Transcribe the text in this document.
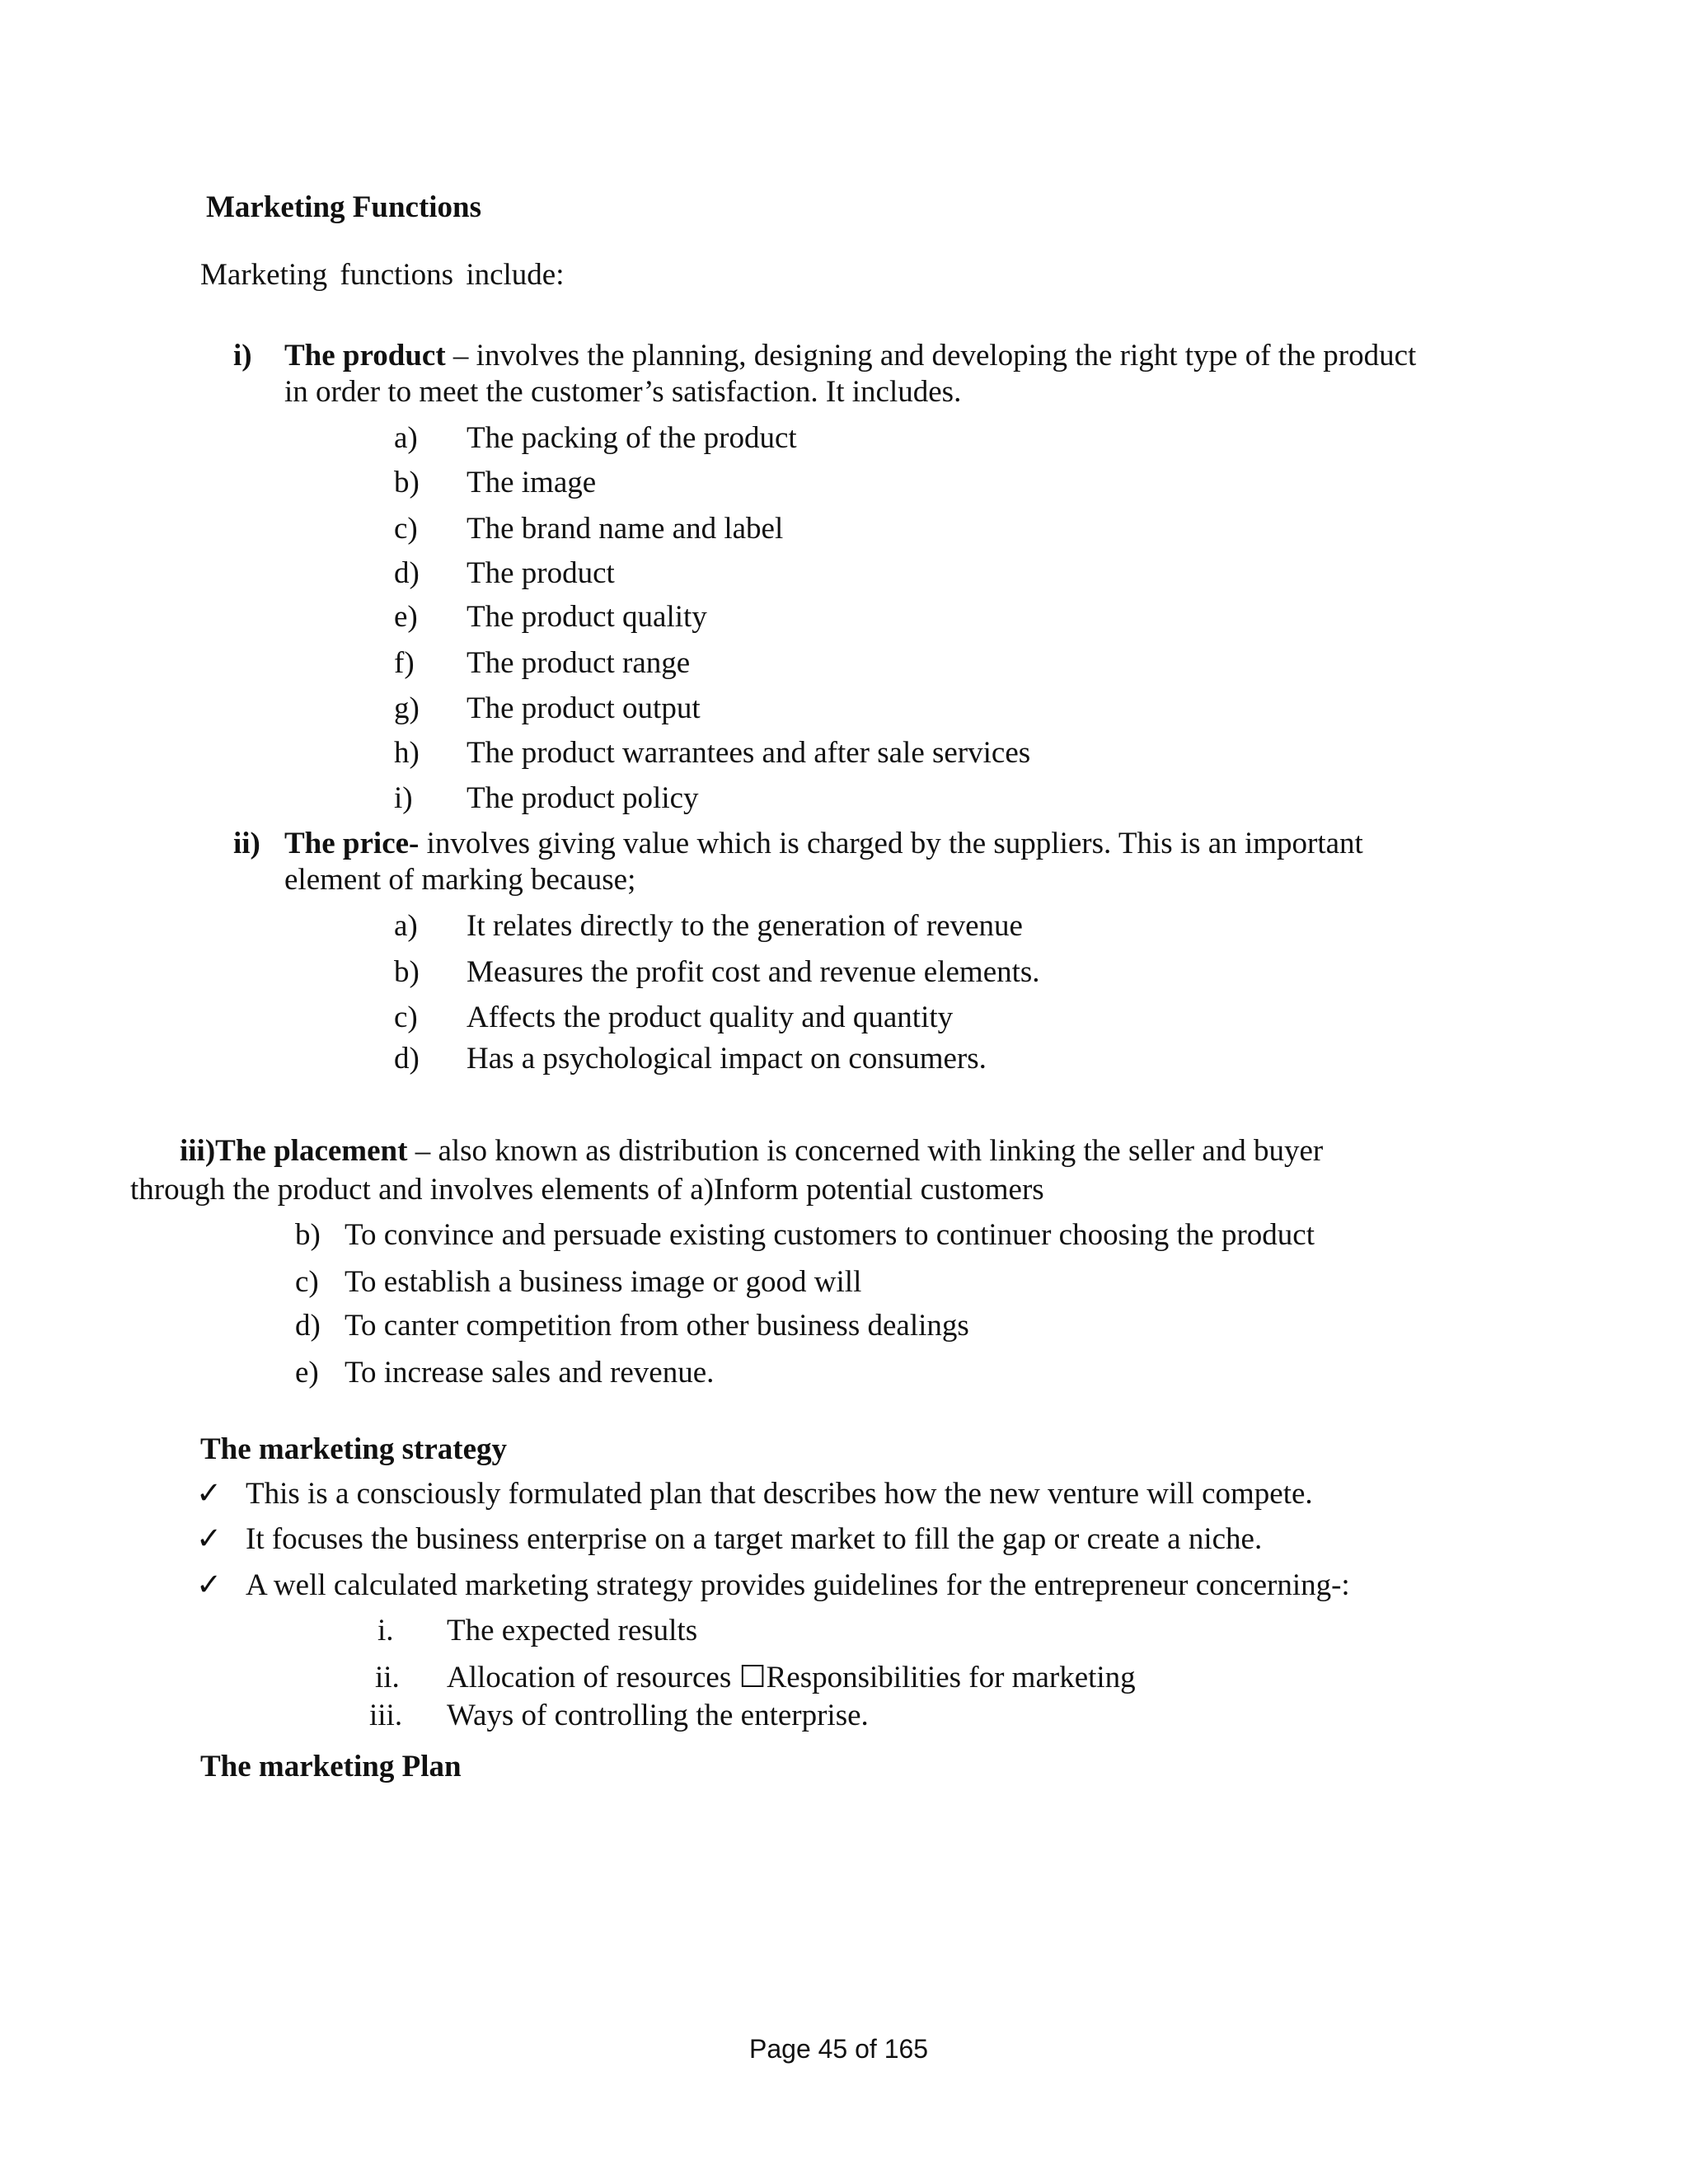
Marketing Functions
Marketing functions include:
i) The product – involves the planning, designing and developing the right type of the product
in order to meet the customer’s satisfaction. It includes.
a)	The packing of the product
b)	The image
c)	The brand name and label
d)	The product
e)	The product quality
f)	The product range
g)	The product output
h)	The product warrantees and after sale services
i)	The product policy
ii) The price- involves giving value which is charged by the suppliers. This is an important
element of marking because;
a)	It relates directly to the generation of revenue
b)	Measures the profit cost and revenue elements.
c)	Affects the product quality and quantity
d)	Has a psychological impact on consumers.
iii)The placement – also known as distribution is concerned with linking the seller and buyer
through the product and involves elements of a)Inform potential customers
b) To convince and persuade existing customers to continuer choosing the product
c) To establish a business image or good will
d) To canter competition from other business dealings
e) To increase sales and revenue.
The marketing strategy
✓ This is a consciously formulated plan that describes how the new venture will compete.
✓ It focuses the business enterprise on a target market to fill the gap or create a niche.
✓ A well calculated marketing strategy provides guidelines for the entrepreneur concerning-:
i. The expected results
ii. Allocation of resources ☐Responsibilities for marketing
iii. Ways of controlling the enterprise.
The marketing Plan
Page 45 of 165
